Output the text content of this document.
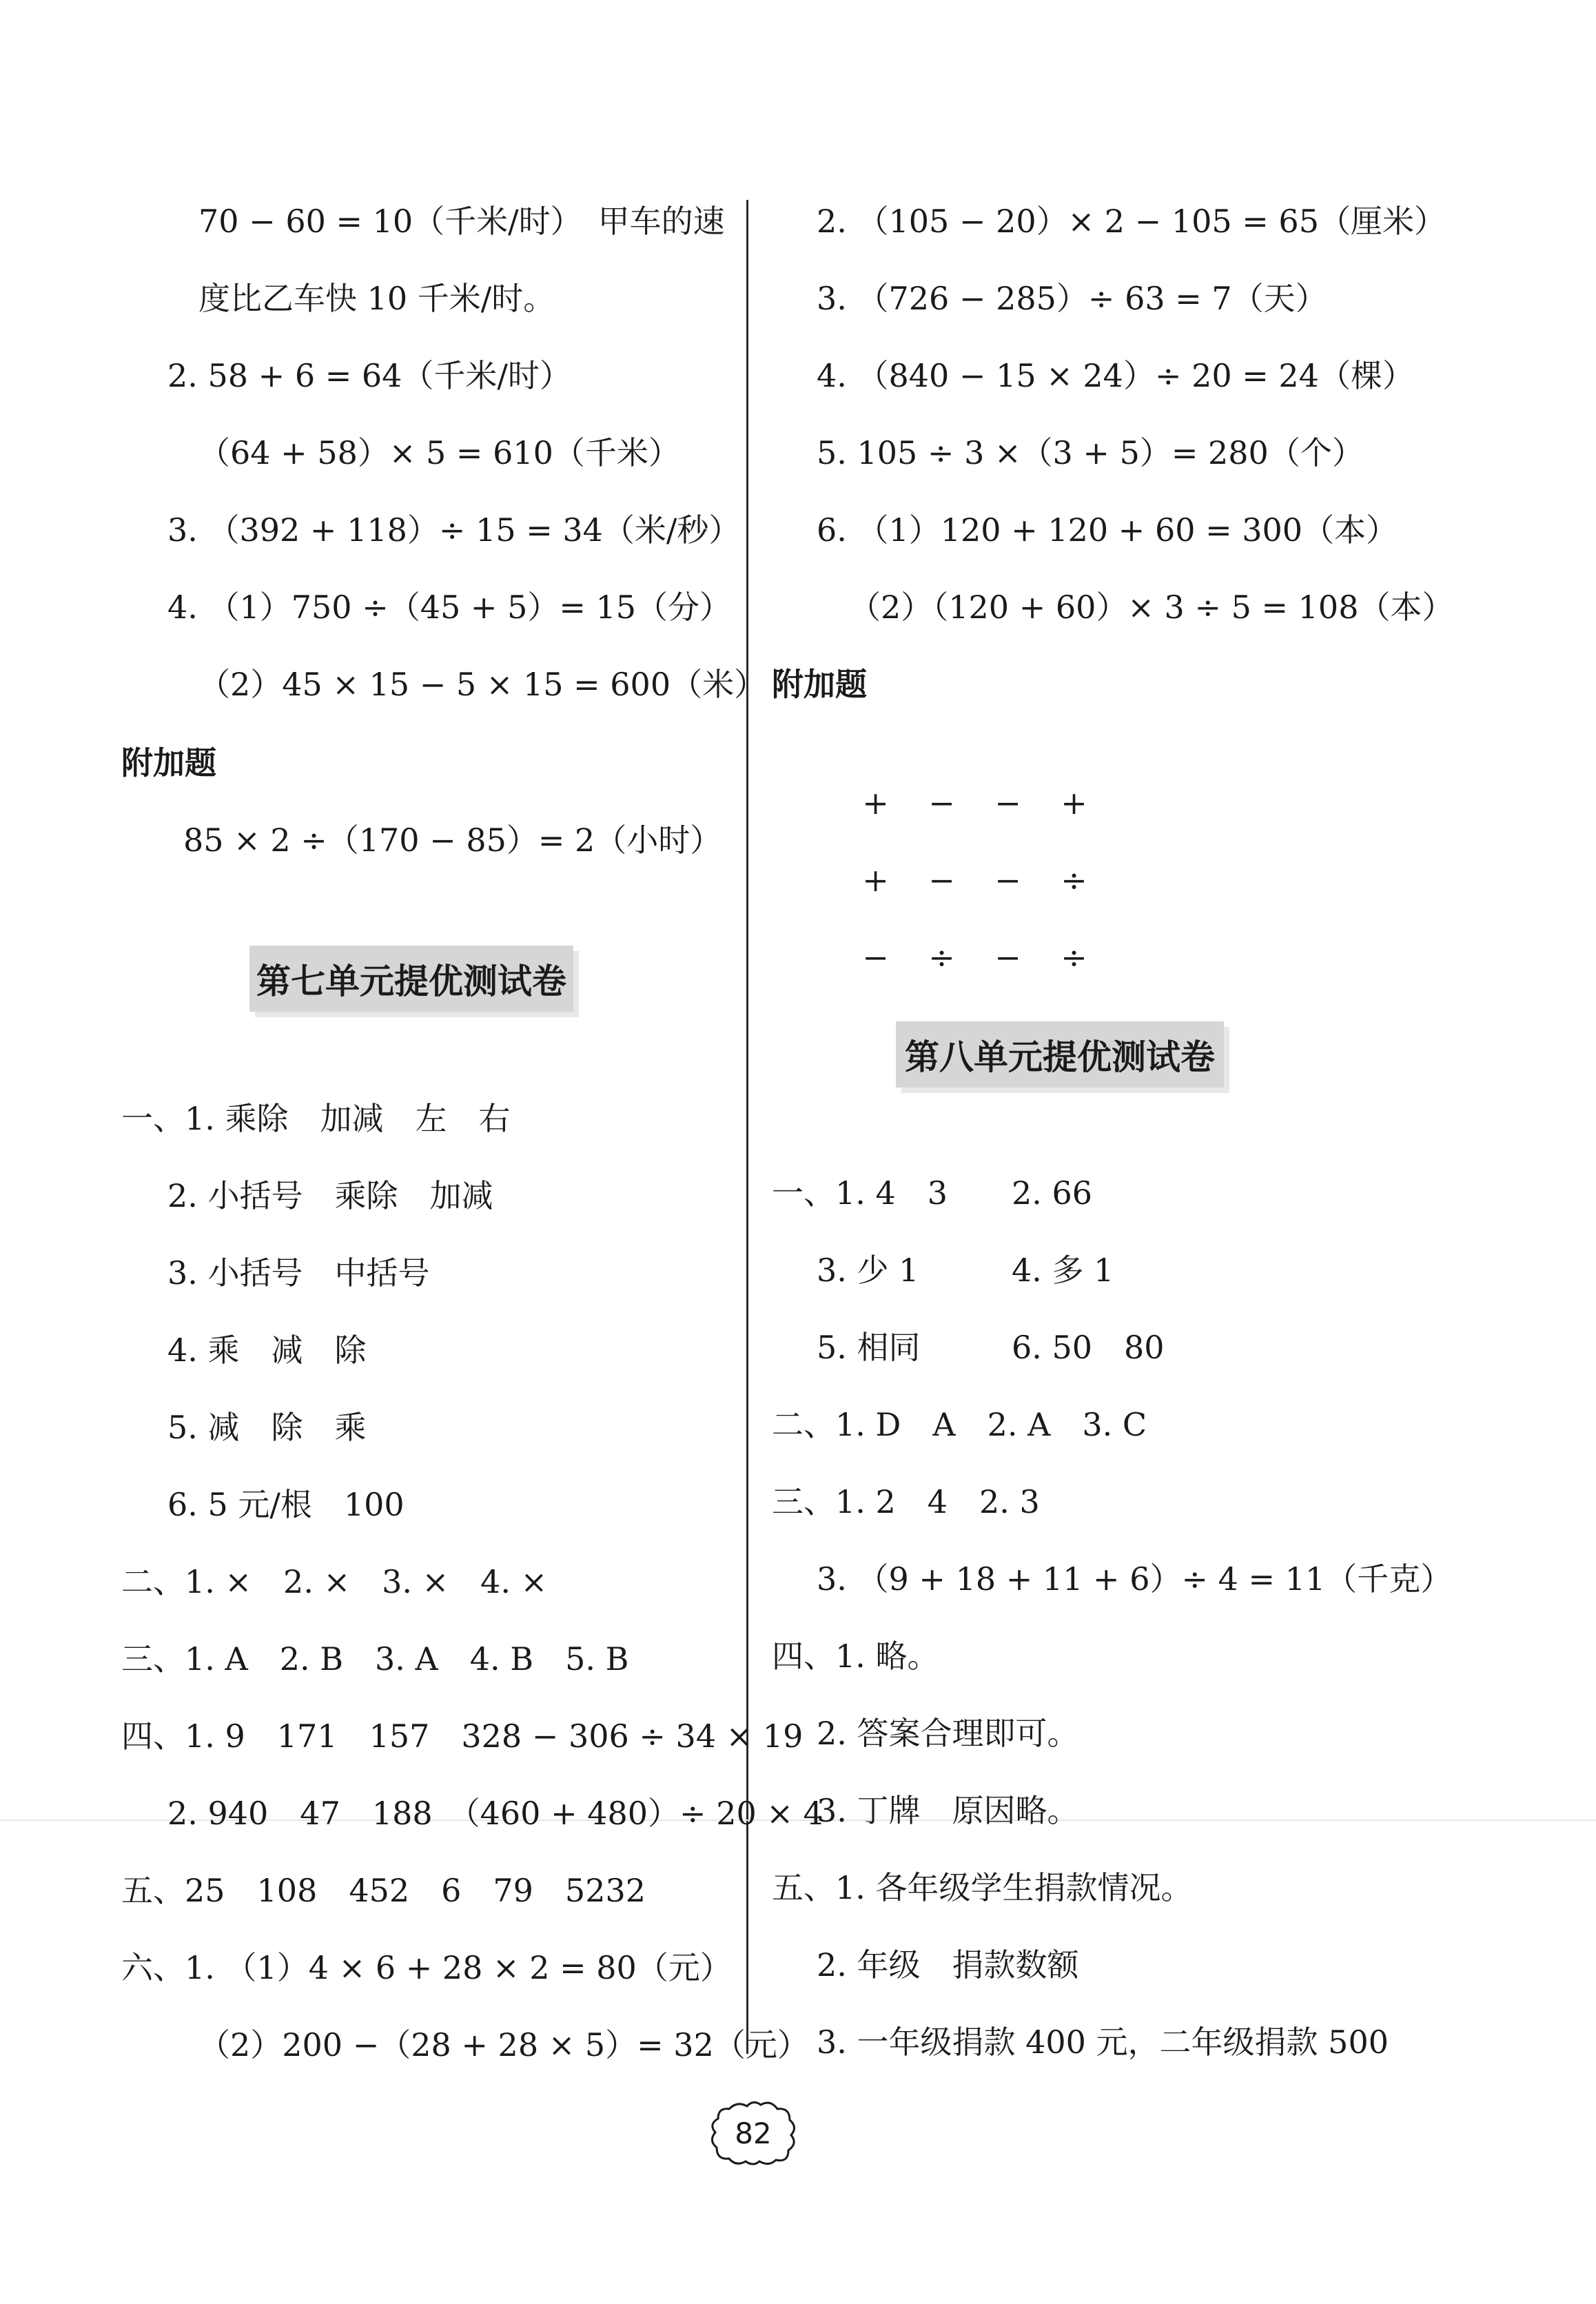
70 − 60 = 10（千米/时）　甲车的速
度比乙车快 10 千米/时。
2. 58 + 6 = 64（千米/时）
（64 + 58）× 5 = 610（千米）
3. （392 + 118）÷ 15 = 34（米/秒）
4. （1）750 ÷（45 + 5）= 15（分）
（2）45 × 15 − 5 × 15 = 600（米）
附加题
85 × 2 ÷（170 − 85）= 2（小时）
第七单元提优测试卷
一、1. 乘除　加减　左　右
2. 小括号　乘除　加减
3. 小括号　中括号
4. 乘　减　除
5. 减　除　乘
6. 5 元/根　100
二、1. ×　2. ×　3. ×　4. ×
三、1. A　2. B　3. A　4. B　5. B
四、1. 9　171　157　328 − 306 ÷ 34 × 19
2. 940　47　188　（460 + 480）÷ 20 × 4
五、25　108　452　6　79　5232
六、1. （1）4 × 6 + 28 × 2 = 80（元）
（2）200 −（28 + 28 × 5）= 32（元）
2. （105 − 20）× 2 − 105 = 65（厘米）
3. （726 − 285）÷ 63 = 7（天）
4. （840 − 15 × 24）÷ 20 = 24（棵）
5. 105 ÷ 3 ×（3 + 5）= 280（个）
6. （1）120 + 120 + 60 = 300（本）
（2）（120 + 60）× 3 ÷ 5 = 108（本）
附加题

+ − − +

+ − − ÷

− ÷ − ÷

第八单元提优测试卷
一、1. 4　3 2. 66
3. 少 1	4. 多 1
5. 相同	6. 50　80
二、1. D　A　2. A　3. C
三、1. 2　4　2. 3
3. （9 + 18 + 11 + 6）÷ 4 = 11（千克）
四、1. 略。
2. 答案合理即可。
3. 丁牌　原因略。
五、1. 各年级学生捐款情况。
2. 年级　捐款数额
3. 一年级捐款 400 元，二年级捐款 500
82
